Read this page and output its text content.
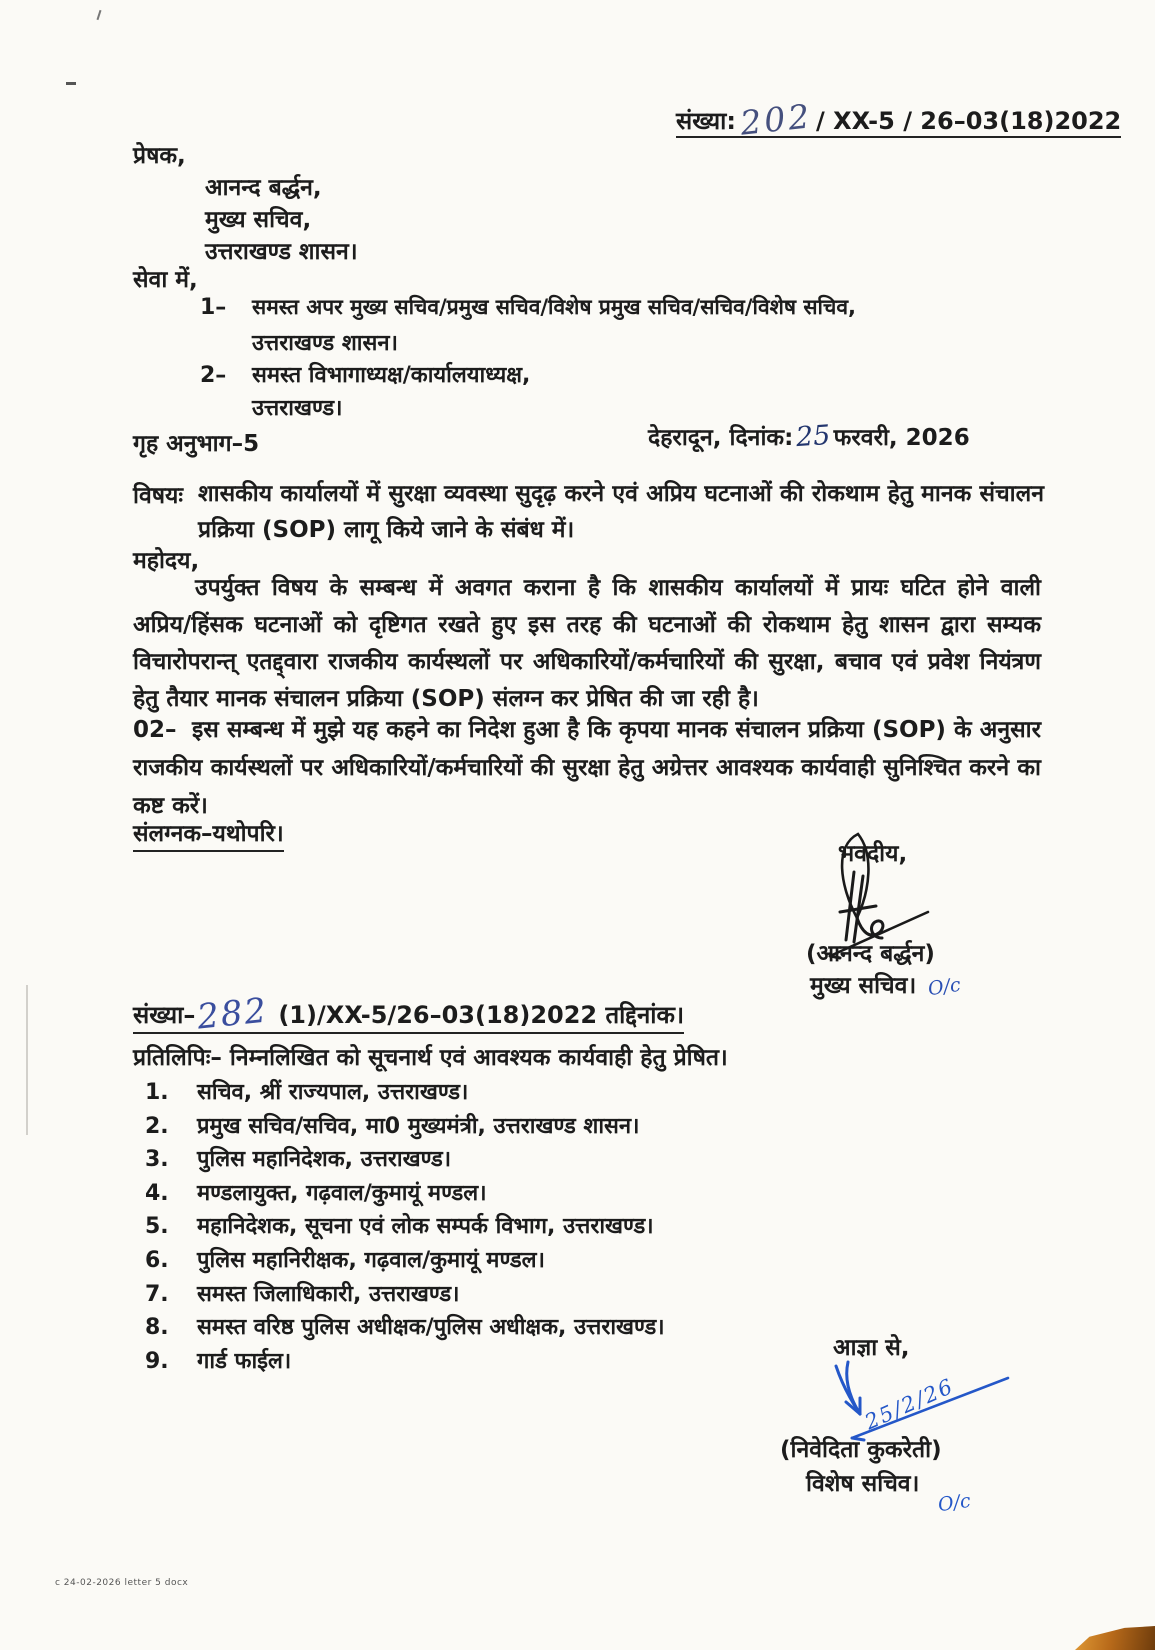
संख्या:202/ XX-5 / 26–03(18)2022
प्रेषक,
आनन्द बर्द्धन,
मुख्य सचिव,
उत्तराखण्ड शासन।
सेवा में,
1– समस्त अपर मुख्य सचिव/प्रमुख सचिव/विशेष प्रमुख सचिव/सचिव/विशेष सचिव,
उत्तराखण्ड शासन।
2– समस्त विभागाध्यक्ष/कार्यालयाध्यक्ष,
उत्तराखण्ड।
गृह अनुभाग–5	देहरादून, दिनांक:25फरवरी, 2026
विषयः शासकीय कार्यालयों में सुरक्षा व्यवस्था सुदृढ़ करने एवं अप्रिय घटनाओं की रोकथाम हेतु मानक संचालन प्रक्रिया (SOP) लागू किये जाने के संबंध में।
महोदय,
उपर्युक्त विषय के सम्बन्ध में अवगत कराना है कि शासकीय कार्यालयों में प्रायः घटित होने वाली अप्रिय/हिंसक घटनाओं को दृष्टिगत रखते हुए इस तरह की घटनाओं की रोकथाम हेतु शासन द्वारा सम्यक विचारोपरान्त् एतद्द्वारा राजकीय कार्यस्थलों पर अधिकारियों/कर्मचारियों की सुरक्षा, बचाव एवं प्रवेश नियंत्रण हेतु तैयार मानक संचालन प्रक्रिया (SOP) संलग्न कर प्रेषित की जा रही है।
02– इस सम्बन्ध में मुझे यह कहने का निदेश हुआ है कि कृपया मानक संचालन प्रक्रिया (SOP) के अनुसार राजकीय कार्यस्थलों पर अधिकारियों/कर्मचारियों की सुरक्षा हेतु अग्रेत्तर आवश्यक कार्यवाही सुनिश्चित करने का कष्ट करें।
संलग्नक–यथोपरि।
भवदीय,
(आनन्द बर्द्धन)
मुख्य सचिव। O/c
संख्या–282 (1)/XX-5/26–03(18)2022 तद्दिनांक।
प्रतिलिपिः– निम्नलिखित को सूचनार्थ एवं आवश्यक कार्यवाही हेतु प्रेषित।
1.	सचिव, श्रीं राज्यपाल, उत्तराखण्ड।
2.	प्रमुख सचिव/सचिव, मा0 मुख्यमंत्री, उत्तराखण्ड शासन।
3.	पुलिस महानिदेशक, उत्तराखण्ड।
4.	मण्डलायुक्त, गढ़वाल/कुमायूं मण्डल।
5.	महानिदेशक, सूचना एवं लोक सम्पर्क विभाग, उत्तराखण्ड।
6.	पुलिस महानिरीक्षक, गढ़वाल/कुमायूं मण्डल।
7.	समस्त जिलाधिकारी, उत्तराखण्ड।
8.	समस्त वरिष्ठ पुलिस अधीक्षक/पुलिस अधीक्षक, उत्तराखण्ड।
9.	गार्ड फाईल।
आज्ञा से,
25/2/26
(निवेदिता कुकरेेती)
विशेष सचिव।
O/c
c 24-02-2026 letter 5 docx
